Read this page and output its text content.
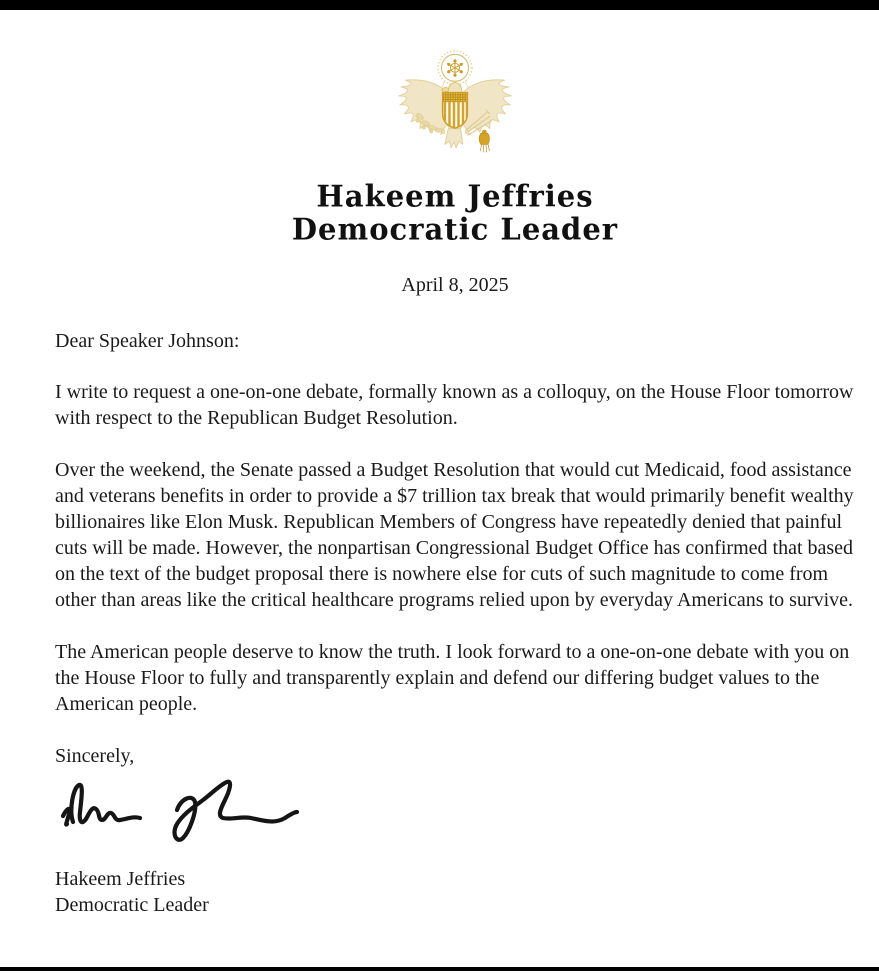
Hakeem Jeffries
Democratic Leader
April 8, 2025
Dear Speaker Johnson:

I write to request a one-on-one debate, formally known as a colloquy, on the House Floor tomorrow with respect to the Republican Budget Resolution.

Over the weekend, the Senate passed a Budget Resolution that would cut Medicaid, food assistance and veterans benefits in order to provide a $7 trillion tax break that would primarily benefit wealthy billionaires like Elon Musk. Republican Members of Congress have repeatedly denied that painful cuts will be made. However, the nonpartisan Congressional Budget Office has confirmed that based on the text of the budget proposal there is nowhere else for cuts of such magnitude to come from other than areas like the critical healthcare programs relied upon by everyday Americans to survive.

The American people deserve to know the truth. I look forward to a one-on-one debate with you on the House Floor to fully and transparently explain and defend our differing budget values to the American people.

Sincerely,
Hakeem Jeffries
Democratic Leader
